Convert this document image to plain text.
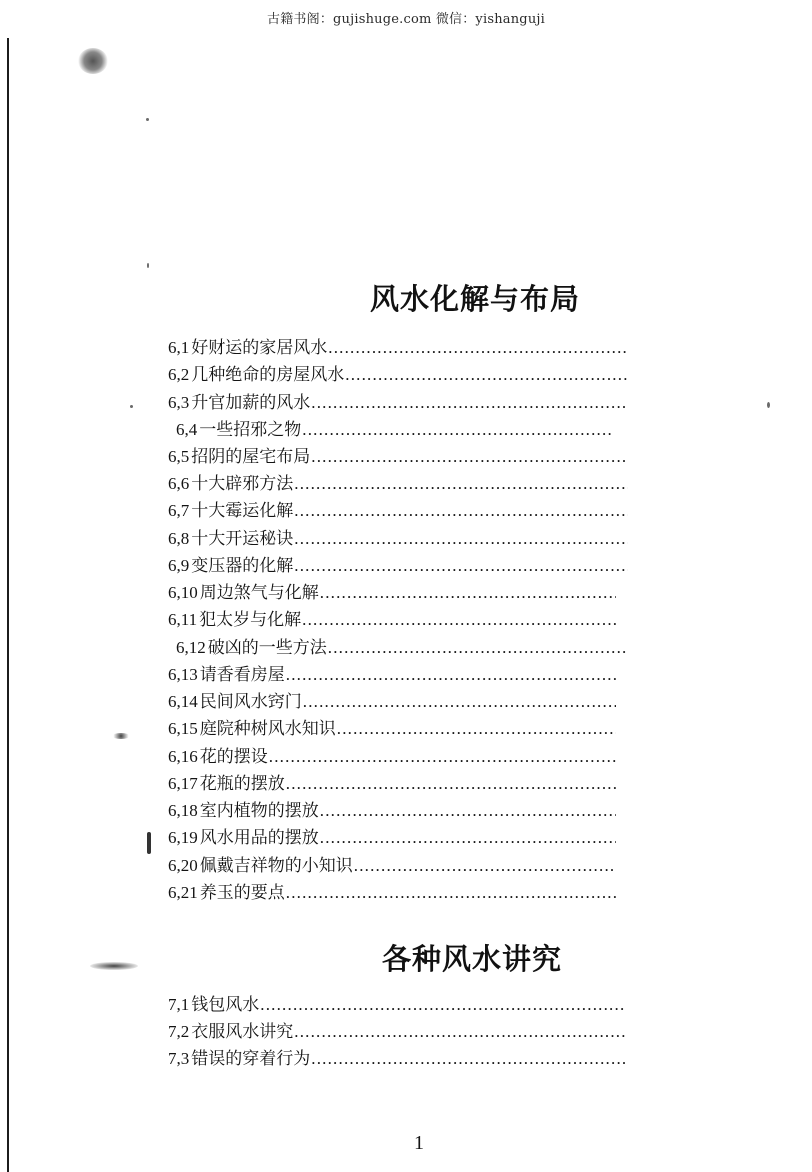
古籍书阁：gujishuge.com 微信：yishanguji
风水化解与布局
6,1 好财运的家居风水
.....
6,2 几种绝命的房屋风水
.....
6,3 升官加薪的风水
.....
6,4 一些招邪之物
.....
6,5 招阴的屋宅布局
.....
6,6 十大辟邪方法
.....
6,7 十大霉运化解
.....
6,8 十大开运秘诀
.....
6,9 变压器的化解
.....
6,10 周边煞气与化解
.....
6,11 犯太岁与化解
.....
6,12 破凶的一些方法
.....
6,13 请香看房屋
.....
6,14 民间风水窍门
.....
6,15 庭院种树风水知识
.....
6,16 花的摆设
.....
6,17 花瓶的摆放
.....
6,18 室内植物的摆放
.....
6,19 风水用品的摆放
.....
6,20 佩戴吉祥物的小知识
.....
6,21 养玉的要点
.....
7,1 钱包风水
.....
7,2 衣服风水讲究
.....
7,3 错误的穿着行为
.....
各种风水讲究
1
